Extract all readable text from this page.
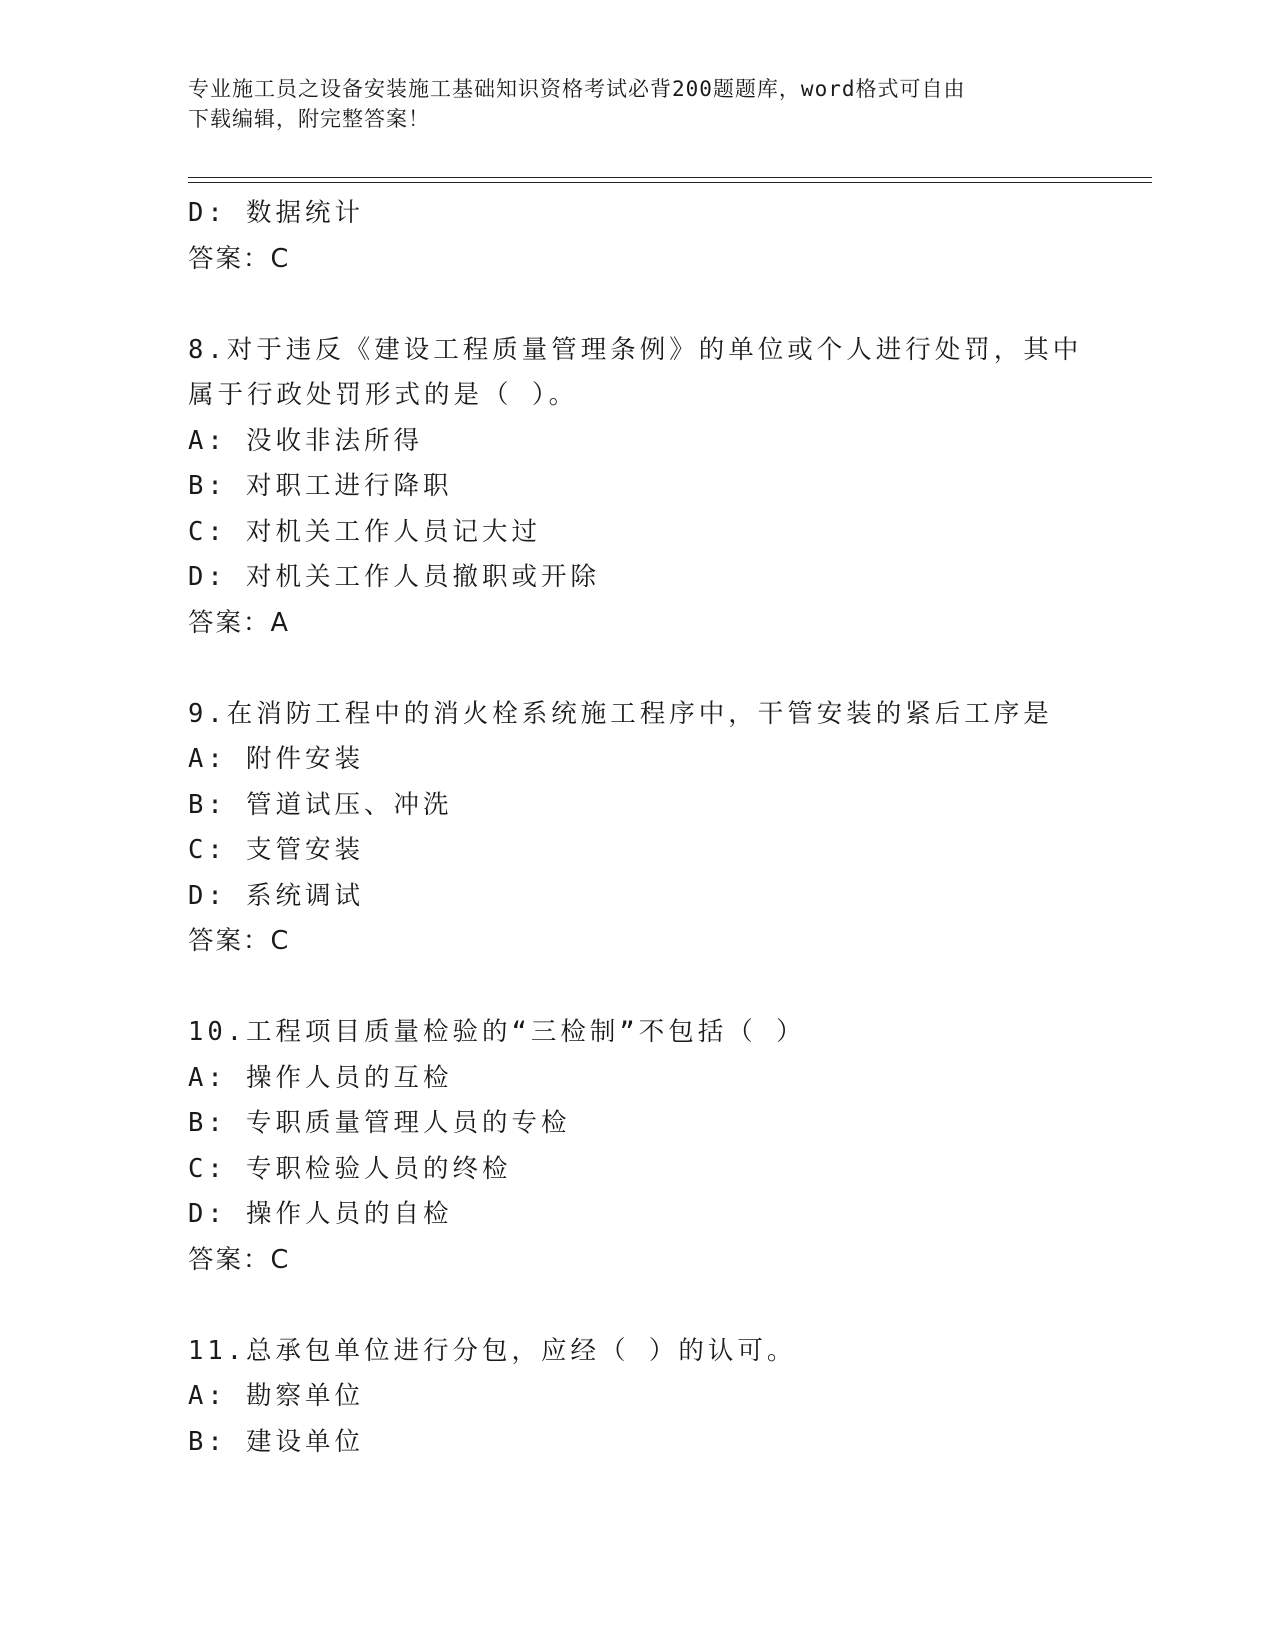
专业施工员之设备安装施工基础知识资格考试必背200题题库，word格式可自由
下载编辑，附完整答案！
D: 数据统计
答案：C
8.对于违反《建设工程质量管理条例》的单位或个人进行处罚，其中
属于行政处罚形式的是（ ）。
A: 没收非法所得
B: 对职工进行降职
C: 对机关工作人员记大过
D: 对机关工作人员撤职或开除
答案：A
9.在消防工程中的消火栓系统施工程序中，干管安装的紧后工序是
A: 附件安装
B: 管道试压、冲洗
C: 支管安装
D: 系统调试
答案：C
10.工程项目质量检验的“三检制”不包括（ ）
A: 操作人员的互检
B: 专职质量管理人员的专检
C: 专职检验人员的终检
D: 操作人员的自检
答案：C
11.总承包单位进行分包，应经（ ）的认可。
A: 勘察单位
B: 建设单位
